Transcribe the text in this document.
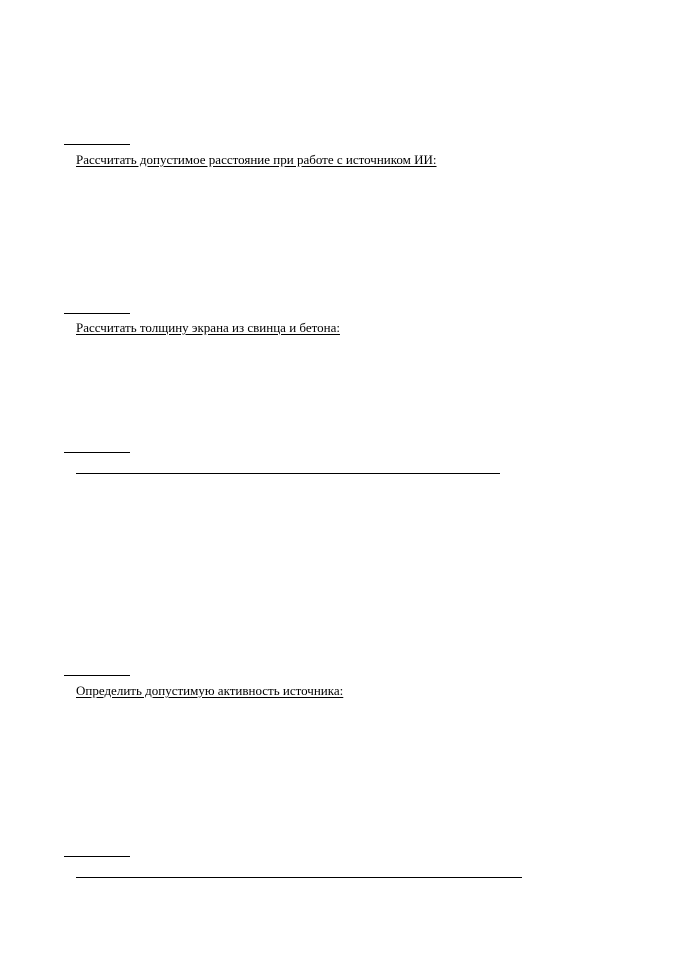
Рассчитать допустимое расстояние при работе с источником ИИ:
Рассчитать толщину экрана из свинца и бетона:
Определить допустимую активность источника:
